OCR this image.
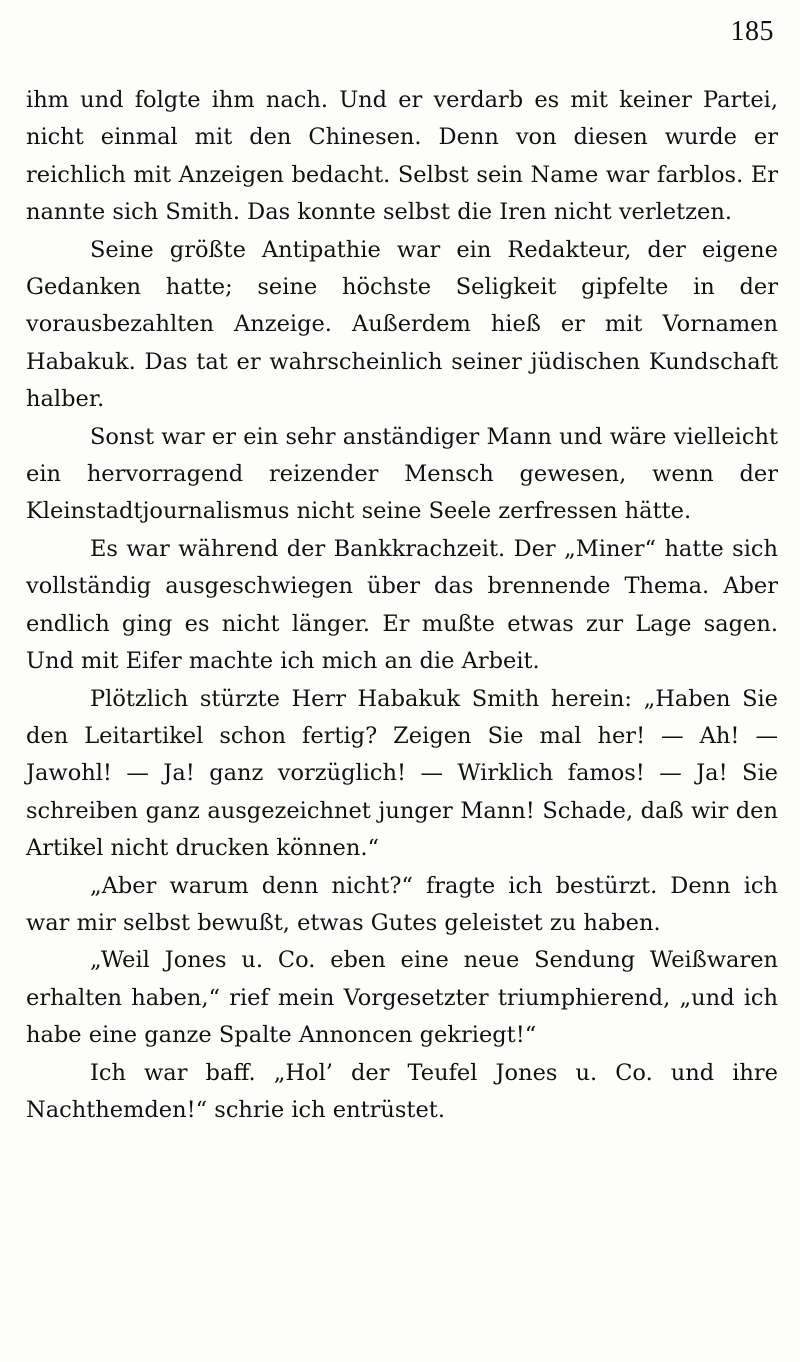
185

ihm und folgte ihm nach. Und er verdarb es mit keiner Partei, nicht einmal mit den Chinesen. Denn von diesen wurde er reichlich mit Anzeigen bedacht. Selbst sein Name war farblos. Er nannte sich Smith. Das konnte selbst die Iren nicht verletzen.

Seine größte Antipathie war ein Redakteur, der eigene Gedanken hatte; seine höchste Seligkeit gipfelte in der vorausbezahlten Anzeige. Außerdem hieß er mit Vornamen Habakuk. Das tat er wahrscheinlich seiner jüdischen Kundschaft halber.

Sonst war er ein sehr anständiger Mann und wäre vielleicht ein hervorragend reizender Mensch gewesen, wenn der Kleinstadtjournalismus nicht seine Seele zerfressen hätte.

Es war während der Bankkrachzeit. Der „Miner“ hatte sich vollständig ausgeschwiegen über das brennende Thema. Aber endlich ging es nicht länger. Er mußte etwas zur Lage sagen. Und mit Eifer machte ich mich an die Arbeit.

Plötzlich stürzte Herr Habakuk Smith herein: „Haben Sie den Leitartikel schon fertig? Zeigen Sie mal her! — Ah! — Jawohl! — Ja! ganz vorzüglich! — Wirklich famos! — Ja! Sie schreiben ganz ausgezeichnet junger Mann! Schade, daß wir den Artikel nicht drucken können.“

„Aber warum denn nicht?“ fragte ich bestürzt. Denn ich war mir selbst bewußt, etwas Gutes geleistet zu haben.

„Weil Jones u. Co. eben eine neue Sendung Weißwaren erhalten haben,“ rief mein Vorgesetzter triumphierend, „und ich habe eine ganze Spalte Annoncen gekriegt!“

Ich war baff. „Hol’ der Teufel Jones u. Co. und ihre Nachthemden!“ schrie ich entrüstet.
